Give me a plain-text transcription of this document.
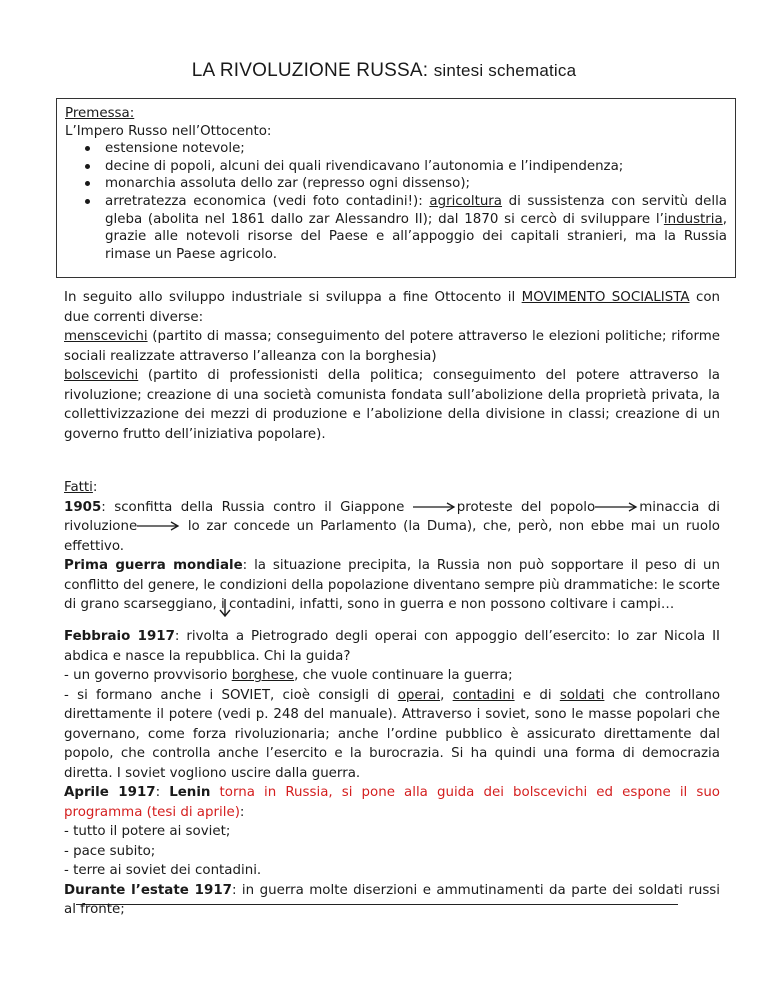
LA RIVOLUZIONE RUSSA: sintesi schematica
Premessa:
L’Impero Russo nell’Ottocento:
estensione notevole;
decine di popoli, alcuni dei quali rivendicavano l’autonomia e l’indipendenza;
monarchia assoluta dello zar (represso ogni dissenso);
arretratezza economica (vedi foto contadini!): agricoltura di sussistenza con servitù della gleba (abolita nel 1861 dallo zar Alessandro II); dal 1870 si cercò di sviluppare l’industria, grazie alle notevoli risorse del Paese e all’appoggio dei capitali stranieri, ma la Russia rimase un Paese agricolo.
In seguito allo sviluppo industriale si sviluppa a fine Ottocento il MOVIMENTO SOCIALISTA con due correnti diverse:
menscevichi (partito di massa; conseguimento del potere attraverso le elezioni politiche; riforme sociali realizzate attraverso l’alleanza con la borghesia)
bolscevichi (partito di professionisti della politica; conseguimento del potere attraverso la rivoluzione; creazione di una società comunista fondata sull’abolizione della proprietà privata, la collettivizzazione dei mezzi di produzione e l’abolizione della divisione in classi; creazione di un governo frutto dell’iniziativa popolare).
Fatti:
1905: sconfitta della Russia contro il Giappone	proteste del popolo	minaccia di rivoluzione	lo zar concede un Parlamento (la Duma), che, però, non ebbe mai un ruolo effettivo.
Prima guerra mondiale: la situazione precipita, la Russia non può sopportare il peso di un conflitto del genere, le condizioni della popolazione diventano sempre più drammatiche: le scorte di grano scarseggiano, i contadini, infatti, sono in guerra e non possono coltivare i campi…
Febbraio 1917: rivolta a Pietrogrado degli operai con appoggio dell’esercito: lo zar Nicola II abdica e nasce la repubblica. Chi la guida?
- un governo provvisorio borghese, che vuole continuare la guerra;
- si formano anche i SOVIET, cioè consigli di operai, contadini e di soldati che controllano direttamente il potere (vedi p. 248 del manuale). Attraverso i soviet, sono le masse popolari che governano, come forza rivoluzionaria; anche l’ordine pubblico è assicurato direttamente dal popolo, che controlla anche l’esercito e la burocrazia. Si ha quindi una forma di democrazia diretta. I soviet vogliono uscire dalla guerra.
Aprile 1917: Lenin torna in Russia, si pone alla guida dei bolscevichi ed espone il suo programma (tesi di aprile):
- tutto il potere ai soviet;
- pace subito;
- terre ai soviet dei contadini.
Durante l’estate 1917: in guerra molte diserzioni e ammutinamenti da parte dei soldati russi al fronte;
